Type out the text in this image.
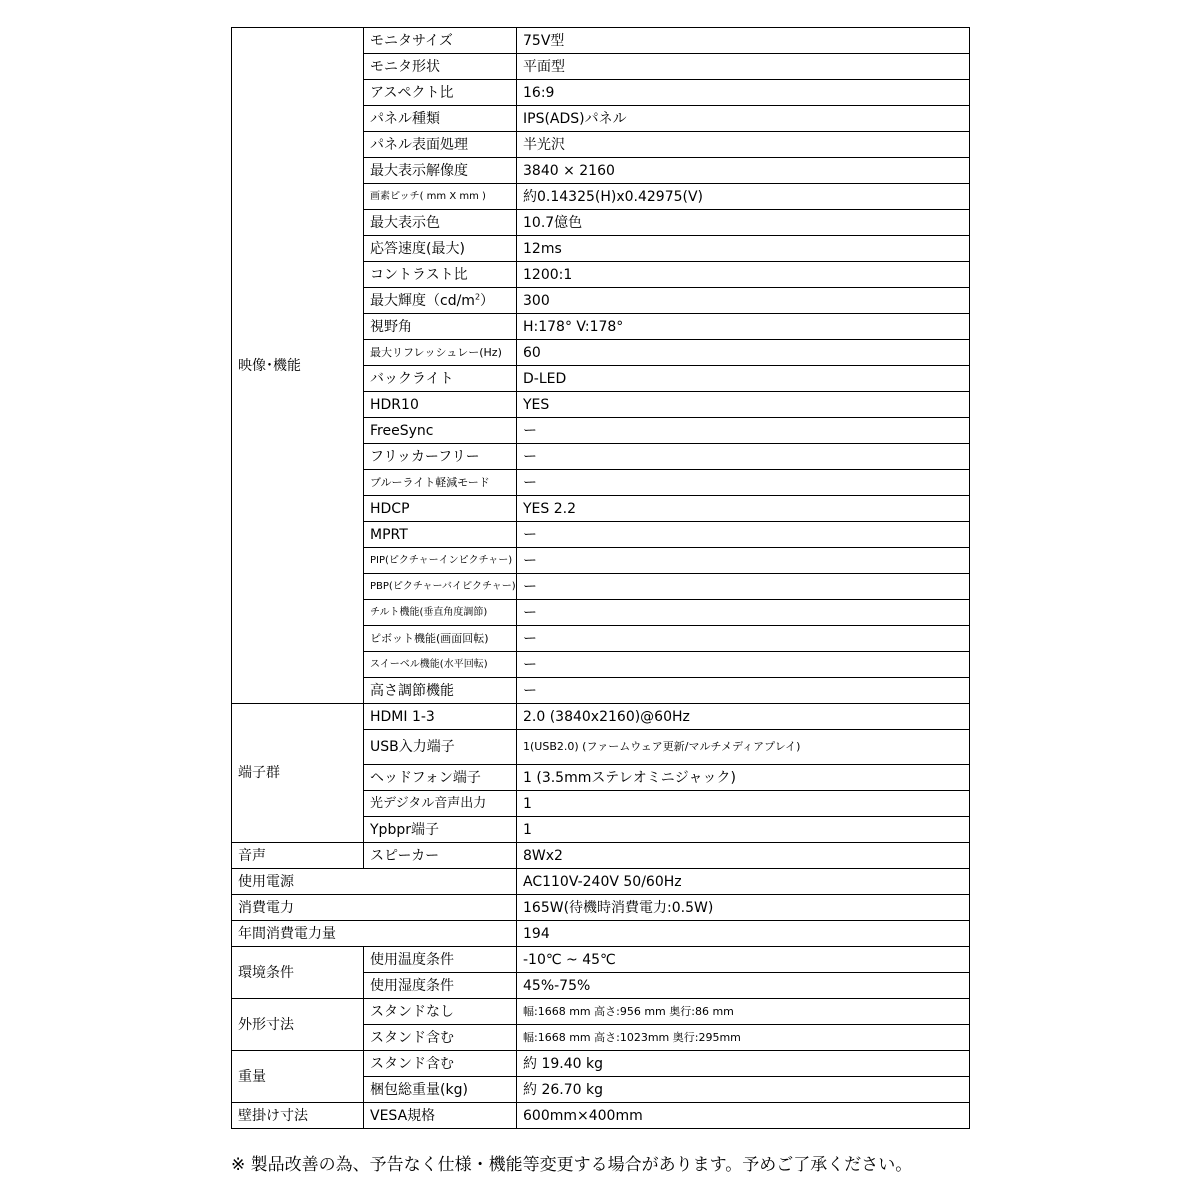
映像･機能	モニタサイズ	75V型
	モニタ形状	平面型
	アスペクト比	16:9
	パネル種類	IPS(ADS)パネル
	パネル表面処理	半光沢
	最大表示解像度	3840 × 2160
	画素ピッチ( mm X mm )	約0.14325(H)x0.42975(V)
	最大表示色	10.7億色
	応答速度(最大)	12ms
	コントラスト比	1200:1
	最大輝度$(cd/m^2)$	300
	視野角	H:178° V:178°
	最大リフレッシュレー(Hz)	60
	バックライト	D-LED
	HDR10	YES
	FreeSync	ー
	フリッカーフリー	ー
	ブルーライト軽減モード	ー
	HDCP	YES 2.2
	MPRT	ー
	PIP(ピクチャーインピクチャー)	ー
	PBP(ピクチャーバイピクチャー)	ー
	チルト機能(垂直角度調節)	ー
	ピボット機能(画面回転)	ー
	スイーベル機能(水平回転)	ー
	高さ調節機能	ー
端子群	HDMI 1-3	2.0 (3840x2160)@60Hz
	USB入力端子	1(USB2.0) (ファームウェア更新/マルチメディアプレイ)
	ヘッドフォン端子	1 (3.5mmステレオミニジャック)
	光デジタル音声出力	1
	Ypbpr端子	1
音声	スピーカー	8Wx2
使用電源		AC110V-240V 50/60Hz
消費電力		165W(待機時消費電力:0.5W)
年間消費電力量		194
環境条件	使用温度条件	-10℃ ~ 45℃
	使用湿度条件	45%-75%
外形寸法	スタンドなし	幅:1668 mm 高さ:956 mm 奥行:86 mm
	スタンド含む	幅:1668 mm 高さ:1023mm 奥行:295mm
重量	スタンド含む	約 19.40 kg
	梱包総重量(kg)	約 26.70 kg
壁掛け寸法	VESA規格	600mm×400mm
※ 製品改善の為、予告なく仕様・機能等変更する場合があります。予めご了承ください。
